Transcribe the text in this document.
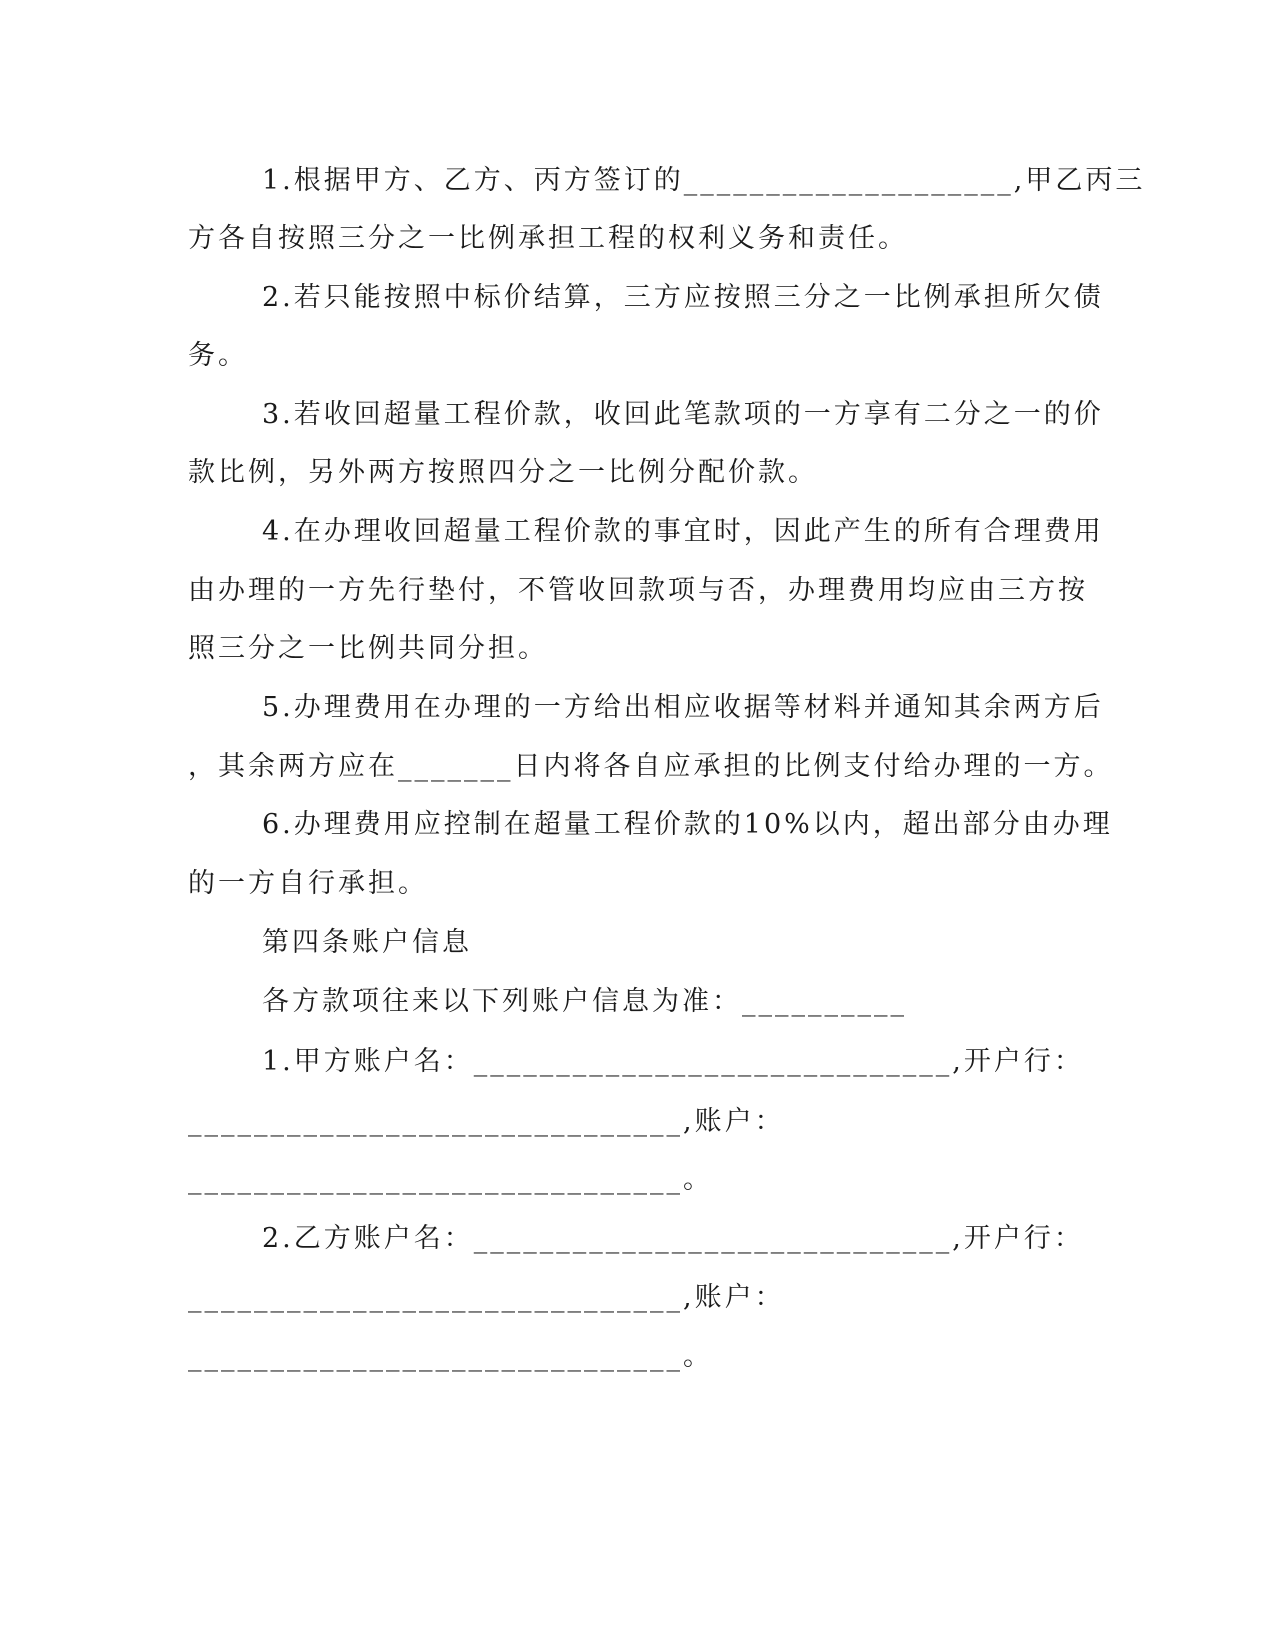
1.根据甲方、乙方、丙方签订的____________________,甲乙丙三
方各自按照三分之一比例承担工程的权利义务和责任。
2.若只能按照中标价结算，三方应按照三分之一比例承担所欠债
务。
3.若收回超量工程价款，收回此笔款项的一方享有二分之一的价
款比例，另外两方按照四分之一比例分配价款。
4.在办理收回超量工程价款的事宜时，因此产生的所有合理费用
由办理的一方先行垫付，不管收回款项与否，办理费用均应由三方按
照三分之一比例共同分担。
5.办理费用在办理的一方给出相应收据等材料并通知其余两方后
，其余两方应在_______日内将各自应承担的比例支付给办理的一方。
6.办理费用应控制在超量工程价款的10%以内，超出部分由办理
的一方自行承担。
第四条账户信息
各方款项往来以下列账户信息为准：__________
1.甲方账户名：_____________________________,开户行：
______________________________,账户：
______________________________。
2.乙方账户名：_____________________________,开户行：
______________________________,账户：
______________________________。
